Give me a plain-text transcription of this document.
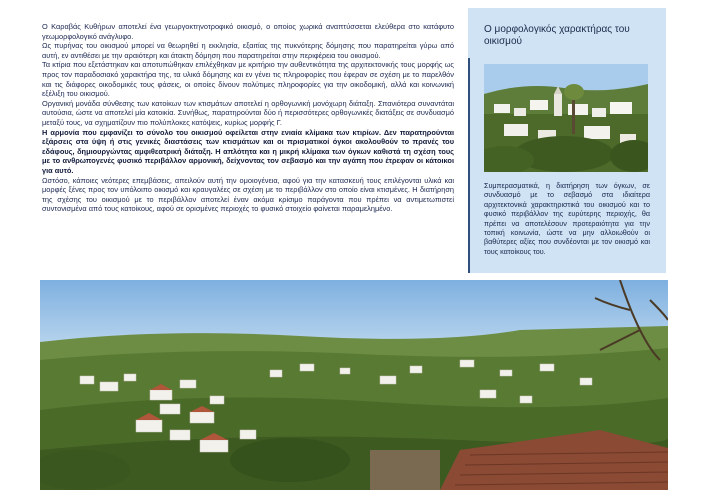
Ο Καραβάς Κυθήρων αποτελεί ένα γεωργοκτηνοτροφικό οικισμό, ο οποίος χωρικά αναπτύσσεται ελεύθερα στο κατάφυτο γεωμορφολογικό ανάγλυφο.

Ως πυρήνας του οικισμού μπορεί να θεωρηθεί η εκκλησία, εξαιτίας της πυκνότερης δόμησης που παρατηρείται γύρω από αυτή, εν αντιθέσει με την αραιότερη και άτακτη δόμηση που παρατηρείται στην περιφέρεια του οικισμού.

Τα κτίρια που εξετάστηκαν και αποτυπώθηκαν επιλέχθηκαν με κριτήριο την αυθεντικότητα της αρχιτεκτονικής τους μορφής ως προς τον παραδοσιακό χαρακτήρα της, τα υλικά δόμησης και εν γένει τις πληροφορίες που έφεραν σε σχέση με το παρελθόν και τις διάφορες οικοδομικές τους φάσεις, οι οποίες δίνουν πολύτιμες πληροφορίες για την οικοδομική, αλλά και κοινωνική εξέλιξη του οικισμού.

Οργανική μονάδα σύνθεσης των κατοίκων των κτισμάτων αποτελεί η ορθογωνική μονόχωρη διάταξη. Σπανιότερα συναντάται αυτούσια, ώστε να αποτελεί μία κατοικία. Συνήθως, παρατηρούνται δύο ή περισσότερες ορθογωνικές διατάξεις σε συνδυασμό μεταξύ τους, να σχηματίζουν πιο πολύπλοκες κατόψεις, κυρίως μορφής Γ.

Η αρμονία που εμφανίζει το σύνολο του οικισμού οφείλεται στην ενιαία κλίμακα των κτιρίων. Δεν παρατηρούνται εξάρσεις στα ύψη ή στις γενικές διαστάσεις των κτισμάτων και οι πρισματικοί όγκοι ακολουθούν το πρανές του εδάφους, δημιουργώντας αμφιθεατρική διάταξη. Η απλότητα και η μικρή κλίμακα των όγκων καθιστά τη σχέση τους με το ανθρωπογενές φυσικό περιβάλλον αρμονική, δείχνοντας τον σεβασμό και την αγάπη που έτρεφαν οι κάτοικοι για αυτό.

Ωστόσο, κάποιες νεότερες επεμβάσεις, απειλούν αυτή την ομοιογένεια, αφού για την κατασκευή τους επιλέγονται υλικά και μορφές ξένες προς τον υπόλοιπο οικισμό και κραυγαλέες σε σχέση με το περιβάλλον στο οποίο είναι κτισμένες. Η διατήρηση της σχέσης του οικισμού με το περιβάλλον αποτελεί έναν ακόμα κρίσιμο παράγοντα που πρέπει να αντιμετωπιστεί συντονισμένα από τους κατοίκους, αφού σε ορισμένες περιοχές το φυσικό στοιχείο φαίνεται παραμελημένο.

Ο μορφολογικός χαρακτήρας του οικισμού
Συμπερασματικά, η διατήρηση των όγκων, σε συνδυασμό με το σεβασμό στα ιδιαίτερα αρχιτεκτονικά χαρακτηριστικά του οικισμού και το φυσικό περιβάλλον της ευρύτερης περιοχής, θα πρέπει να αποτελέσουν προτεραιότητα για την τοπική κοινωνία, ώστε να μην αλλοιωθούν οι βαθύτερες αξίες που συνδέονται με τον οικισμό και τους κατοίκους του.
